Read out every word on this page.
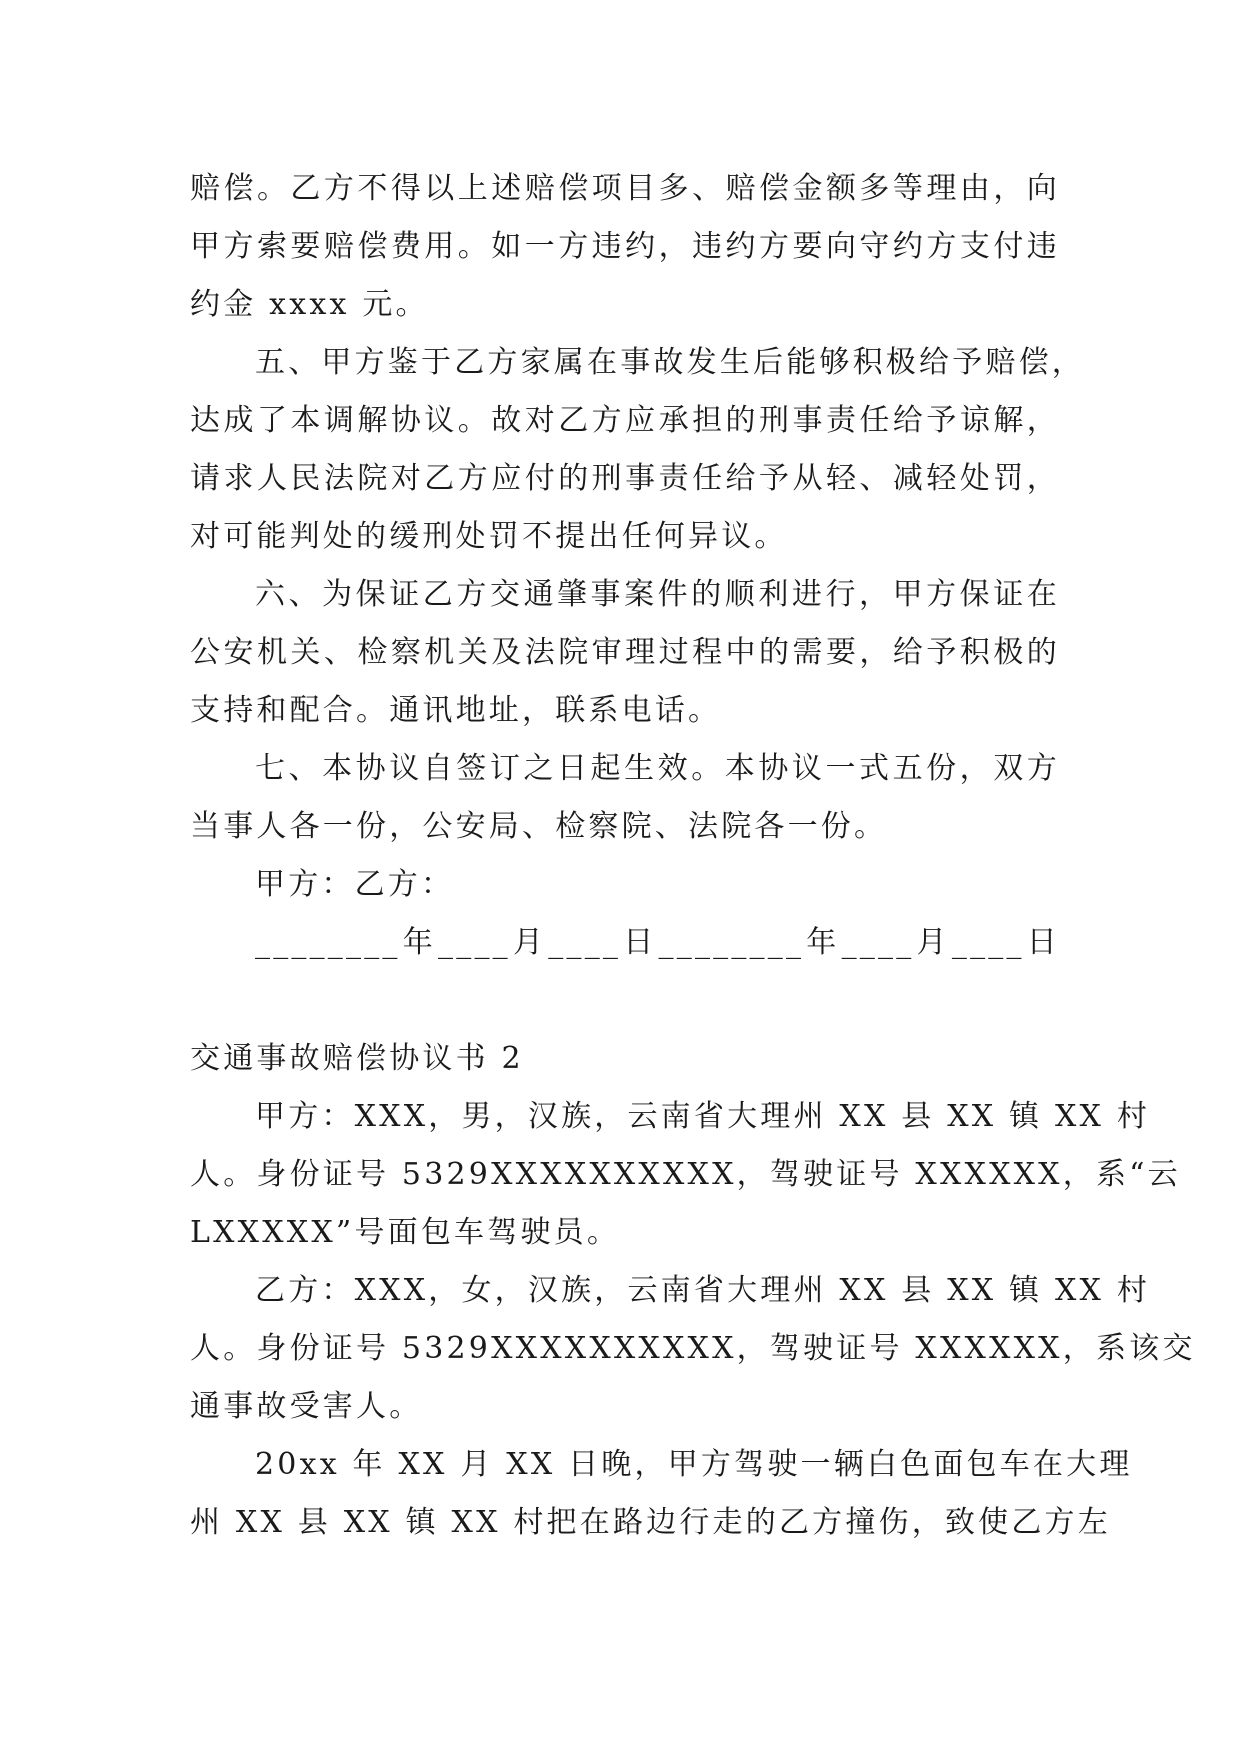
赔偿。乙方不得以上述赔偿项目多、赔偿金额多等理由，向
甲方索要赔偿费用。如一方违约，违约方要向守约方支付违
约金 xxxx 元。
五、甲方鉴于乙方家属在事故发生后能够积极给予赔偿，
达成了本调解协议。故对乙方应承担的刑事责任给予谅解，
请求人民法院对乙方应付的刑事责任给予从轻、减轻处罚，
对可能判处的缓刑处罚不提出任何异议。
六、为保证乙方交通肇事案件的顺利进行，甲方保证在
公安机关、检察机关及法院审理过程中的需要，给予积极的
支持和配合。通讯地址，联系电话。
七、本协议自签订之日起生效。本协议一式五份，双方
当事人各一份，公安局、检察院、法院各一份。
甲方：乙方：
________年____月____日________年____月____日
交通事故赔偿协议书 2
甲方：XXX，男，汉族，云南省大理州 XX 县 XX 镇 XX 村
人。身份证号 5329XXXXXXXXXX，驾驶证号 XXXXXX，系“云
LXXXXX”号面包车驾驶员。
乙方：XXX，女，汉族，云南省大理州 XX 县 XX 镇 XX 村
人。身份证号 5329XXXXXXXXXX，驾驶证号 XXXXXX，系该交
通事故受害人。
20xx 年 XX 月 XX 日晚，甲方驾驶一辆白色面包车在大理
州 XX 县 XX 镇 XX 村把在路边行走的乙方撞伤，致使乙方左
